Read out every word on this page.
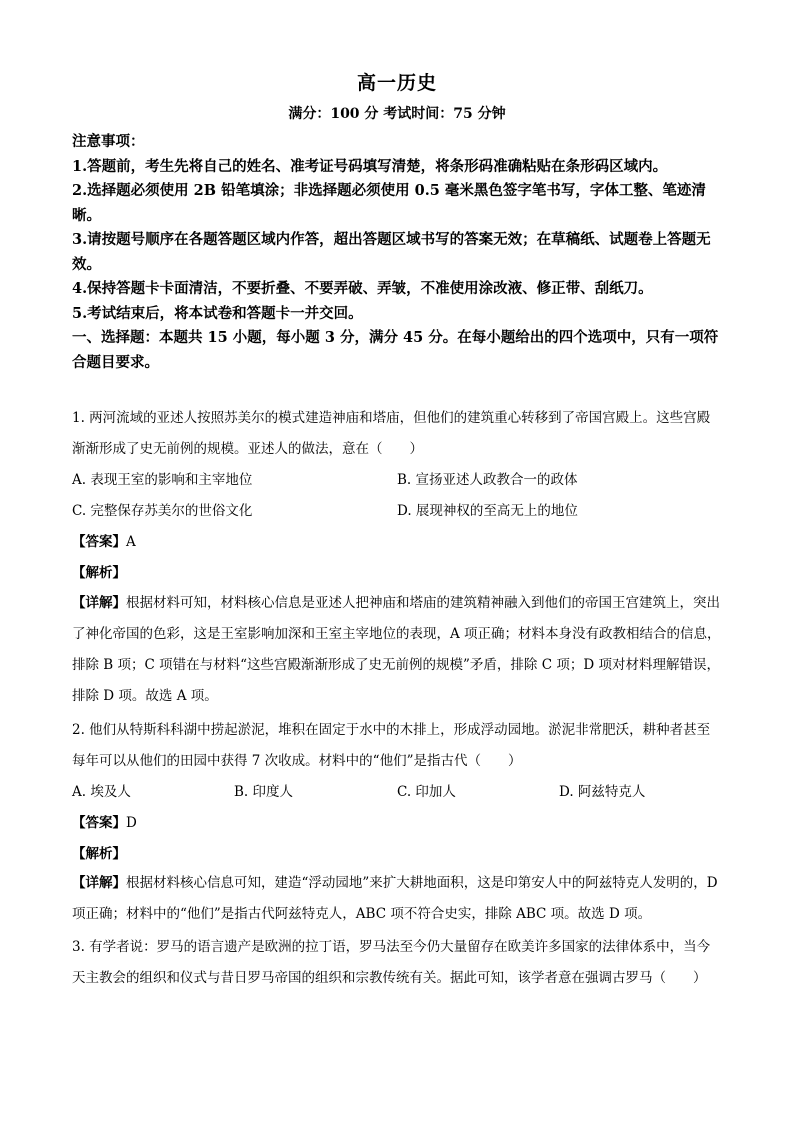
高一历史
满分：100 分 考试时间：75 分钟
注意事项：
1.答题前，考生先将自己的姓名、准考证号码填写清楚，将条形码准确粘贴在条形码区域内。
2.选择题必须使用 2B 铅笔填涂；非选择题必须使用 0.5 毫米黑色签字笔书写，字体工整、笔迹清晰。
3.请按题号顺序在各题答题区域内作答，超出答题区域书写的答案无效；在草稿纸、试题卷上答题无效。
4.保持答题卡卡面清洁，不要折叠、不要弄破、弄皱，不准使用涂改液、修正带、刮纸刀。
5.考试结束后，将本试卷和答题卡一并交回。
一、选择题：本题共 15 小题，每小题 3 分，满分 45 分。在每小题给出的四个选项中，只有一项符合题目要求。
1. 两河流域的亚述人按照苏美尔的模式建造神庙和塔庙，但他们的建筑重心转移到了帝国宫殿上。这些宫殿渐渐形成了史无前例的规模。亚述人的做法，意在（　　）
A. 表现王室的影响和主宰地位	B. 宣扬亚述人政教合一的政体
C. 完整保存苏美尔的世俗文化	D. 展现神权的至高无上的地位
【答案】A
【解析】
【详解】根据材料可知，材料核心信息是亚述人把神庙和塔庙的建筑精神融入到他们的帝国王宫建筑上，突出了神化帝国的色彩，这是王室影响加深和王室主宰地位的表现，A 项正确；材料本身没有政教相结合的信息，排除 B 项；C 项错在与材料“这些宫殿渐渐形成了史无前例的规模”矛盾，排除 C 项；D 项对材料理解错误，排除 D 项。故选 A 项。
2. 他们从特斯科科湖中捞起淤泥，堆积在固定于水中的木排上，形成浮动园地。淤泥非常肥沃，耕种者甚至每年可以从他们的田园中获得 7 次收成。材料中的“他们”是指古代（　　）
A. 埃及人	B. 印度人	C. 印加人	D. 阿兹特克人
【答案】D
【解析】
【详解】根据材料核心信息可知，建造“浮动园地”来扩大耕地面积，这是印第安人中的阿兹特克人发明的，D 项正确；材料中的“他们”是指古代阿兹特克人，ABC 项不符合史实，排除 ABC 项。故选 D 项。
3. 有学者说：罗马的语言遗产是欧洲的拉丁语，罗马法至今仍大量留存在欧美许多国家的法律体系中，当今天主教会的组织和仪式与昔日罗马帝国的组织和宗教传统有关。据此可知，该学者意在强调古罗马（　　）
